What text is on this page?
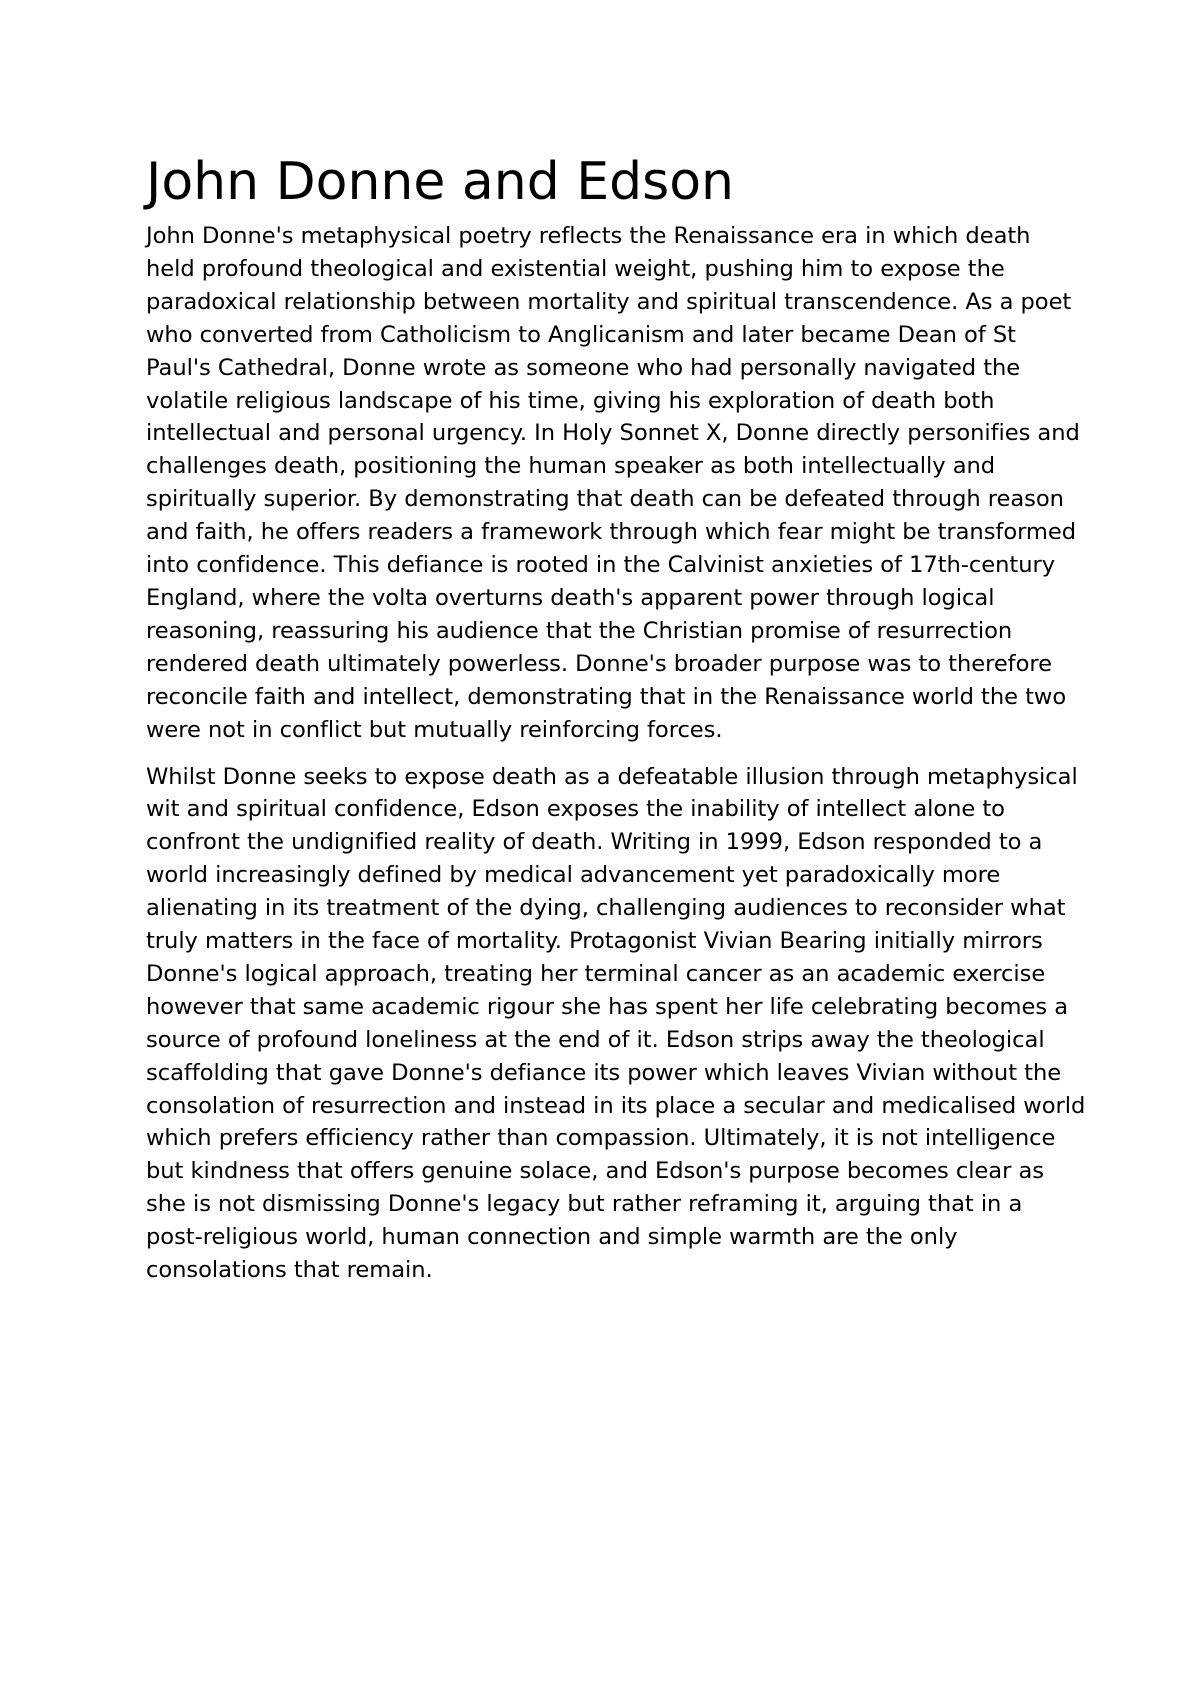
John Donne and Edson

John Donne's metaphysical poetry reflects the Renaissance era in which death held profound theological and existential weight, pushing him to expose the paradoxical relationship between mortality and spiritual transcendence. As a poet who converted from Catholicism to Anglicanism and later became Dean of St Paul's Cathedral, Donne wrote as someone who had personally navigated the volatile religious landscape of his time, giving his exploration of death both intellectual and personal urgency. In Holy Sonnet X, Donne directly personifies and challenges death, positioning the human speaker as both intellectually and spiritually superior. By demonstrating that death can be defeated through reason and faith, he offers readers a framework through which fear might be transformed into confidence. This defiance is rooted in the Calvinist anxieties of 17th-century England, where the volta overturns death's apparent power through logical reasoning, reassuring his audience that the Christian promise of resurrection rendered death ultimately powerless. Donne's broader purpose was to therefore reconcile faith and intellect, demonstrating that in the Renaissance world the two were not in conflict but mutually reinforcing forces.

Whilst Donne seeks to expose death as a defeatable illusion through metaphysical wit and spiritual confidence, Edson exposes the inability of intellect alone to confront the undignified reality of death. Writing in 1999, Edson responded to a world increasingly defined by medical advancement yet paradoxically more alienating in its treatment of the dying, challenging audiences to reconsider what truly matters in the face of mortality. Protagonist Vivian Bearing initially mirrors Donne's logical approach, treating her terminal cancer as an academic exercise however that same academic rigour she has spent her life celebrating becomes a source of profound loneliness at the end of it. Edson strips away the theological scaffolding that gave Donne's defiance its power which leaves Vivian without the consolation of resurrection and instead in its place a secular and medicalised world which prefers efficiency rather than compassion. Ultimately, it is not intelligence but kindness that offers genuine solace, and Edson's purpose becomes clear as she is not dismissing Donne's legacy but rather reframing it, arguing that in a post-religious world, human connection and simple warmth are the only consolations that remain.
